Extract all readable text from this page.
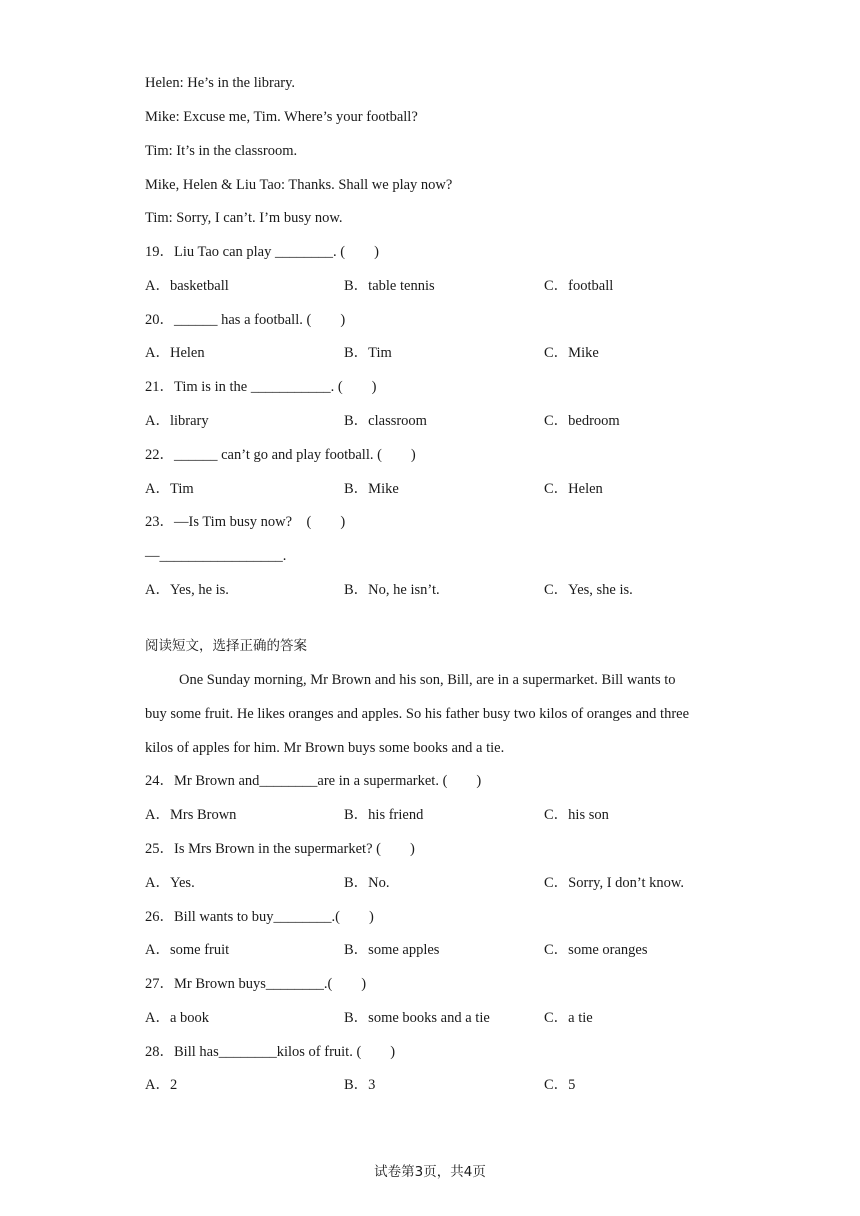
Helen: He’s in the library.
Mike: Excuse me, Tim. Where’s your football?
Tim: It’s in the classroom.
Mike, Helen & Liu Tao: Thanks. Shall we play now?
Tim: Sorry, I can’t. I’m busy now.
19．Liu Tao can play ________. (　　)
A．basketball	B．table tennis	C．football
20．______ has a football. (　　)
A．Helen	B．Tim	C．Mike
21．Tim is in the ___________. (　　)
A．library	B．classroom	C．bedroom
22．______ can’t go and play football. (　　)
A．Tim	B．Mike	C．Helen
23．—Is Tim busy now?　(　　)
—_________________.
A．Yes, he is.	B．No, he isn’t.	C．Yes, she is.
阅读短文，选择正确的答案
One Sunday morning, Mr Brown and his son, Bill, are in a supermarket. Bill wants to
buy some fruit. He likes oranges and apples. So his father busy two kilos of oranges and three
kilos of apples for him. Mr Brown buys some books and a tie.
24．Mr Brown and________are in a supermarket. (　　)
A．Mrs Brown	B．his friend	C．his son
25．Is Mrs Brown in the supermarket? (　　)
A．Yes.	B．No.	C．Sorry, I don’t know.
26．Bill wants to buy________.(　　)
A．some fruit	B．some apples	C．some oranges
27．Mr Brown buys________.(　　)
A．a book	B．some books and a tie	C．a tie
28．Bill has________kilos of fruit. (　　)
A．2	B．3	C．5
试卷第3页，共4页
